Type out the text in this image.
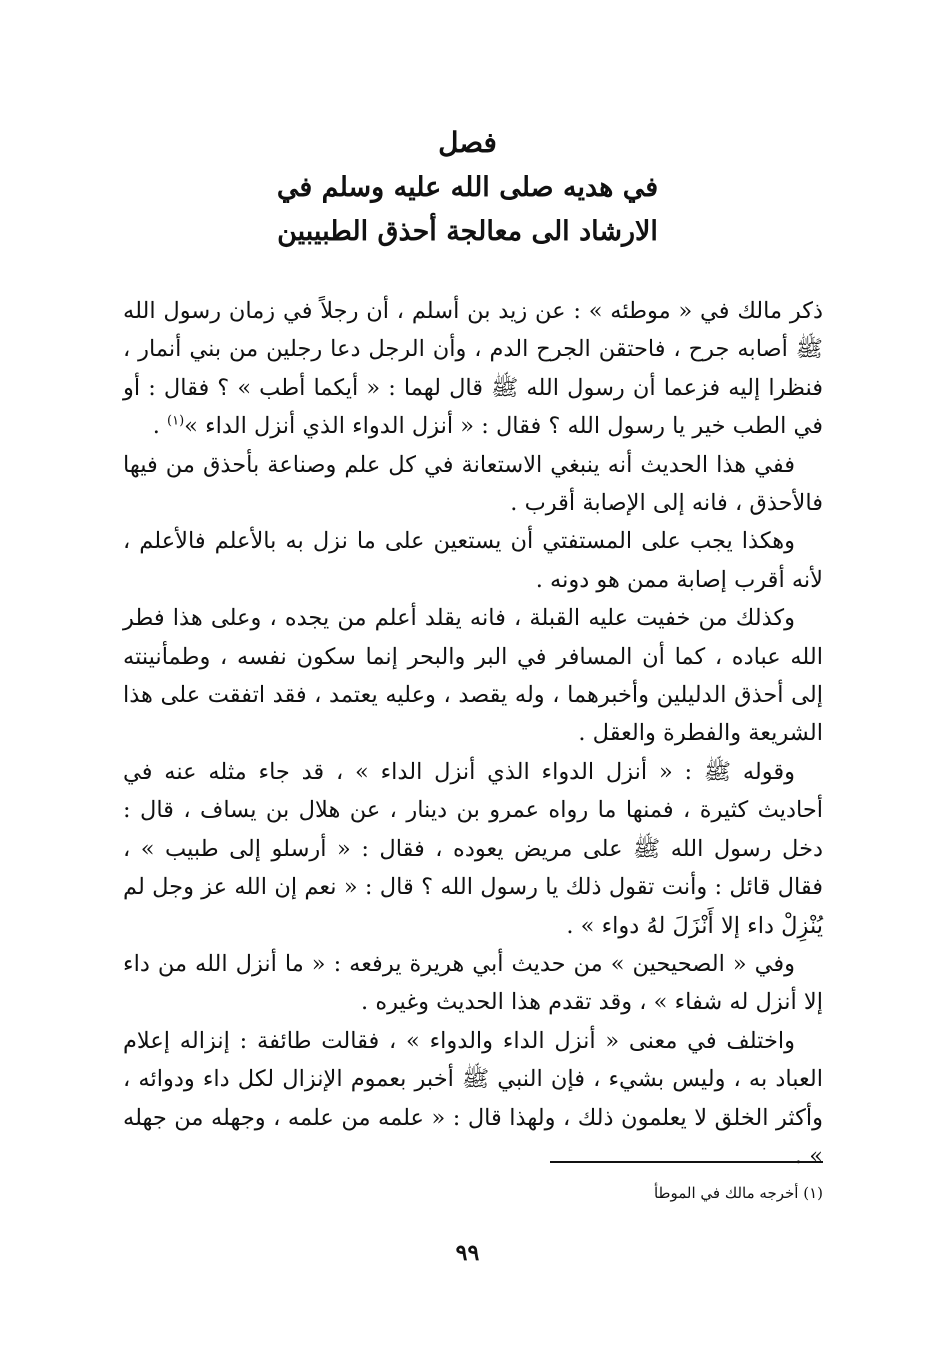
فصل
في هديه صلى الله عليه وسلم في
الارشاد الى معالجة أحذق الطبيبين

ذكر مالك في « موطئه » : عن زيد بن أسلم ، أن رجلاً في زمان رسول الله ﷺ أصابه جرح ، فاحتقن الجرح الدم ، وأن الرجل دعا رجلين من بني أنمار ، فنظرا إليه فزعما أن رسول الله ﷺ قال لهما : « أيكما أطب » ؟ فقال : أو في الطب خير يا رسول الله ؟ فقال : « أنزل الدواء الذي أنزل الداء »$^{(١)}$ .

ففي هذا الحديث أنه ينبغي الاستعانة في كل علم وصناعة بأحذق من فيها فالأحذق ، فانه إلى الإصابة أقرب .

وهكذا يجب على المستفتي أن يستعين على ما نزل به بالأعلم فالأعلم ، لأنه أقرب إصابة ممن هو دونه .

وكذلك من خفيت عليه القبلة ، فانه يقلد أعلم من يجده ، وعلى هذا فطر الله عباده ، كما أن المسافر في البر والبحر إنما سكون نفسه ، وطمأنينته إلى أحذق الدليلين وأخبرهما ، وله يقصد ، وعليه يعتمد ، فقد اتفقت على هذا الشريعة والفطرة والعقل .

وقوله ﷺ : « أنزل الدواء الذي أنزل الداء » ، قد جاء مثله عنه في أحاديث كثيرة ، فمنها ما رواه عمرو بن دينار ، عن هلال بن يساف ، قال : دخل رسول الله ﷺ على مريض يعوده ، فقال : « أرسلو إلى طبيب » ، فقال قائل : وأنت تقول ذلك يا رسول الله ؟ قال : « نعم إن الله عز وجل لم يُنْزِلْ داء إلا أَنْزَلَ لهُ دواء » .

وفي « الصحيحين » من حديث أبي هريرة يرفعه : « ما أنزل الله من داء إلا أنزل له شفاء » ، وقد تقدم هذا الحديث وغيره .

واختلف في معنى « أنزل الداء والدواء » ، فقالت طائفة : إنزاله إعلام العباد به ، وليس بشيء ، فإن النبي ﷺ أخبر بعموم الإنزال لكل داء ودوائه ، وأكثر الخلق لا يعلمون ذلك ، ولهذا قال : « علمه من علمه ، وجهله من جهله » .

(١) أخرجه مالك في الموطأ
٩٩
